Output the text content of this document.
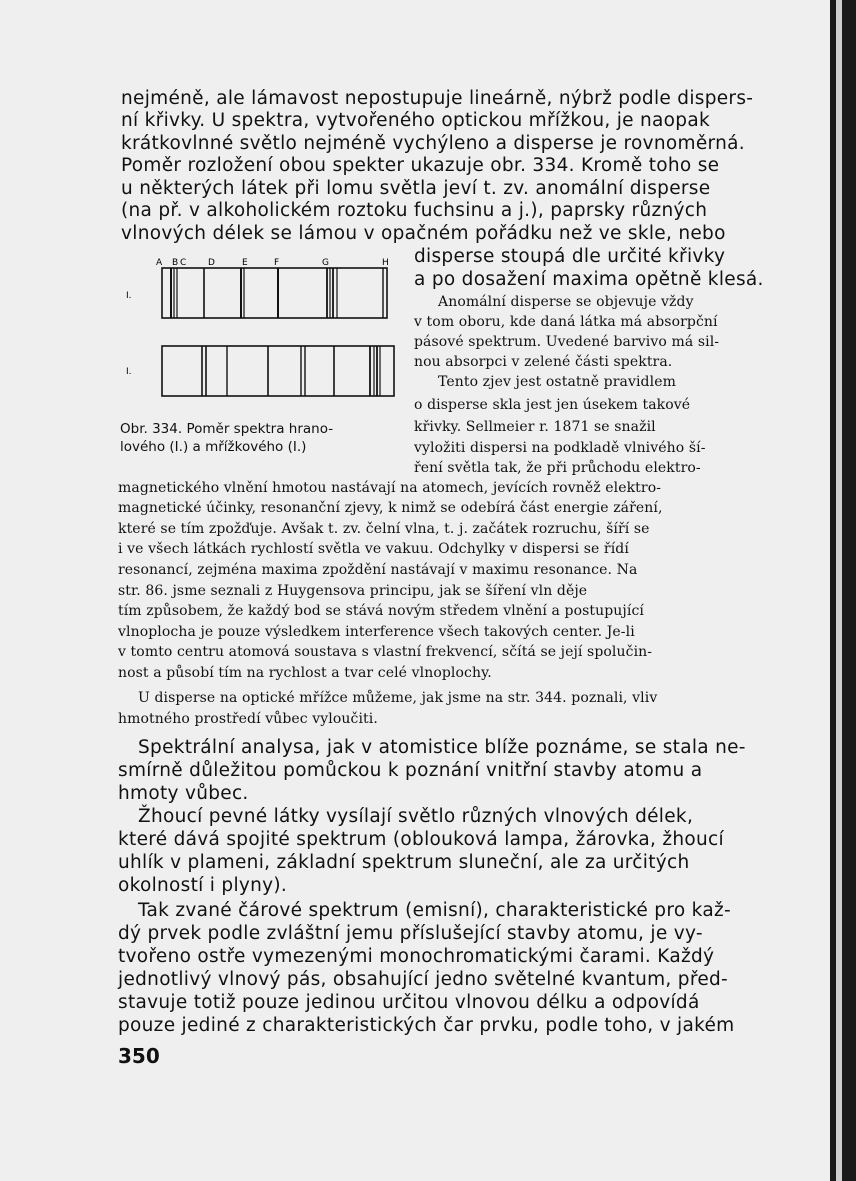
nejméně, ale lámavost nepostupuje lineárně, nýbrž podle dispers-
ní křivky. U spektra, vytvořeného optickou mřížkou, je naopak
krátkovlnné světlo nejméně vychýleno a disperse je rovnoměrná.
Poměr rozložení obou spekter ukazuje obr. 334. Kromě toho se
u některých látek při lomu světla jeví t. zv. anomální disperse
(na př. v alkoholickém roztoku fuchsinu a j.), paprsky různých
vlnových délek se lámou v opačném pořádku než ve skle, nebo
disperse stoupá dle určité křivky
a po dosažení maxima opětně klesá.
I.
I.
A B C D	E	F	G	H
Obr. 334. Poměr spektra hrano-
lového (I.) a mřížkového (I.)
Anomální disperse se objevuje vždy
v tom oboru, kde daná látka má absorpční
pásové spektrum. Uvedené barvivo má sil-
nou absorpci v zelené části spektra.
Tento zjev jest ostatně pravidlem
o disperse skla jest jen úsekem takové
křivky. Sellmeier r. 1871 se snažil
vyložiti dispersi na podkladě vlnivého ší-
ření světla tak, že při průchodu elektro-
magnetického vlnění hmotou nastávají na atomech, jevících rovněž elektro-
magnetické účinky, resonanční zjevy, k nimž se odebírá část energie záření,
které se tím zpožďuje. Avšak t. zv. čelní vlna, t. j. začátek rozruchu, šíří se
i ve všech látkách rychlostí světla ve vakuu. Odchylky v dispersi se řídí
resonancí, zejména maxima zpoždění nastávají v maximu resonance. Na
str. 86. jsme seznali z Huygensova principu, jak se šíření vln děje
tím způsobem, že každý bod se stává novým středem vlnění a postupující
vlnoplocha je pouze výsledkem interference všech takových center. Je-li
v tomto centru atomová soustava s vlastní frekvencí, sčítá se její spolučin-
nost a působí tím na rychlost a tvar celé vlnoplochy.
U disperse na optické mřížce můžeme, jak jsme na str. 344. poznali, vliv
hmotného prostředí vůbec vyloučiti.
Spektrální analysa, jak v atomistice blíže poznáme, se stala ne-
smírně důležitou pomůckou k poznání vnitřní stavby atomu a
hmoty vůbec.
Žhoucí pevné látky vysílají světlo různých vlnových délek,
které dává spojité spektrum (oblouková lampa, žárovka, žhoucí
uhlík v plameni, základní spektrum sluneční, ale za určitých
okolností i plyny).
Tak zvané čárové spektrum (emisní), charakteristické pro kaž-
dý prvek podle zvláštní jemu příslušející stavby atomu, je vy-
tvořeno ostře vymezenými monochromatickými čarami. Každý
jednotlivý vlnový pás, obsahující jedno světelné kvantum, před-
stavuje totiž pouze jedinou určitou vlnovou délku a odpovídá
pouze jediné z charakteristických čar prvku, podle toho, v jakém
350
